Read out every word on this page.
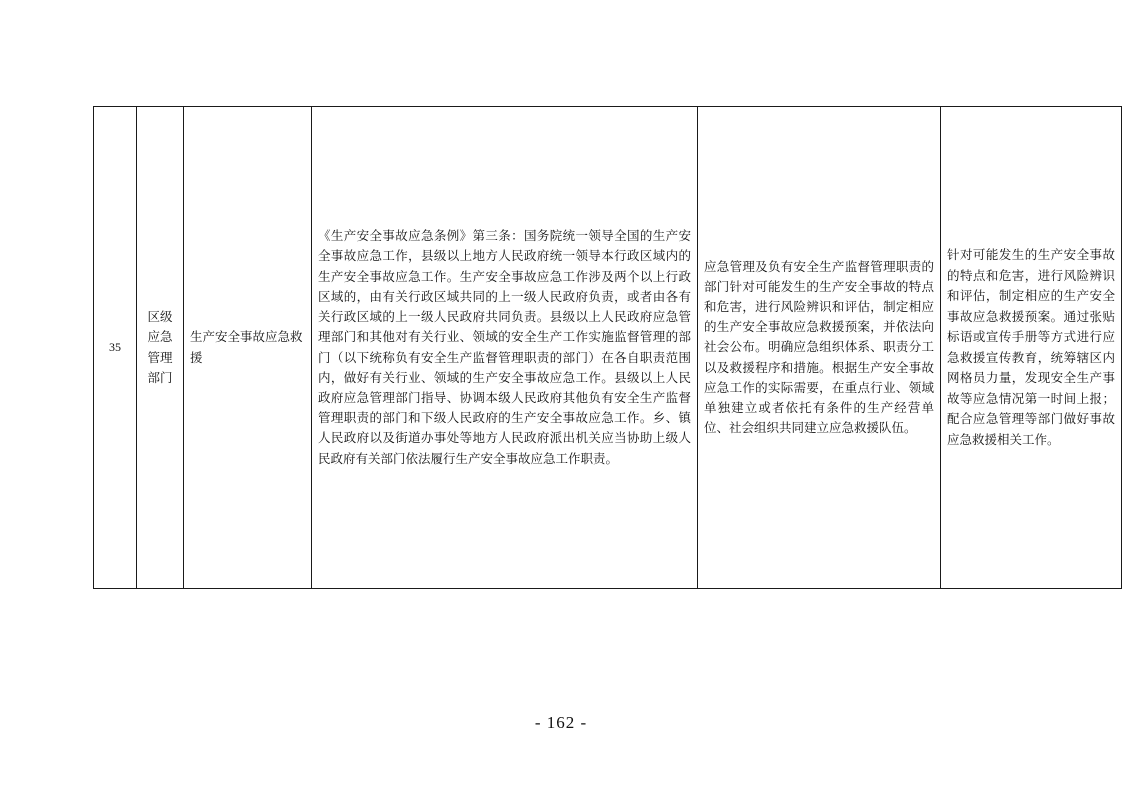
35	区级应急管理部门	生产安全事故应急救援	《生产安全事故应急条例》第三条：国务院统一领导全国的生产安全事故应急工作，县级以上地方人民政府统一领导本行政区域内的生产安全事故应急工作。生产安全事故应急工作涉及两个以上行政区域的，由有关行政区域共同的上一级人民政府负责，或者由各有关行政区域的上一级人民政府共同负责。县级以上人民政府应急管理部门和其他对有关行业、领域的安全生产工作实施监督管理的部门（以下统称负有安全生产监督管理职责的部门）在各自职责范围内，做好有关行业、领域的生产安全事故应急工作。县级以上人民政府应急管理部门指导、协调本级人民政府其他负有安全生产监督管理职责的部门和下级人民政府的生产安全事故应急工作。乡、镇人民政府以及街道办事处等地方人民政府派出机关应当协助上级人民政府有关部门依法履行生产安全事故应急工作职责。	应急管理及负有安全生产监督管理职责的部门针对可能发生的生产安全事故的特点和危害，进行风险辨识和评估，制定相应的生产安全事故应急救援预案，并依法向社会公布。明确应急组织体系、职责分工以及救援程序和措施。根据生产安全事故应急工作的实际需要，在重点行业、领域单独建立或者依托有条件的生产经营单位、社会组织共同建立应急救援队伍。	针对可能发生的生产安全事故的特点和危害，进行风险辨识和评估，制定相应的生产安全事故应急救援预案。通过张贴标语或宣传手册等方式进行应急救援宣传教育，统筹辖区内网格员力量，发现安全生产事故等应急情况第一时间上报；配合应急管理等部门做好事故应急救援相关工作。
- 162 -
